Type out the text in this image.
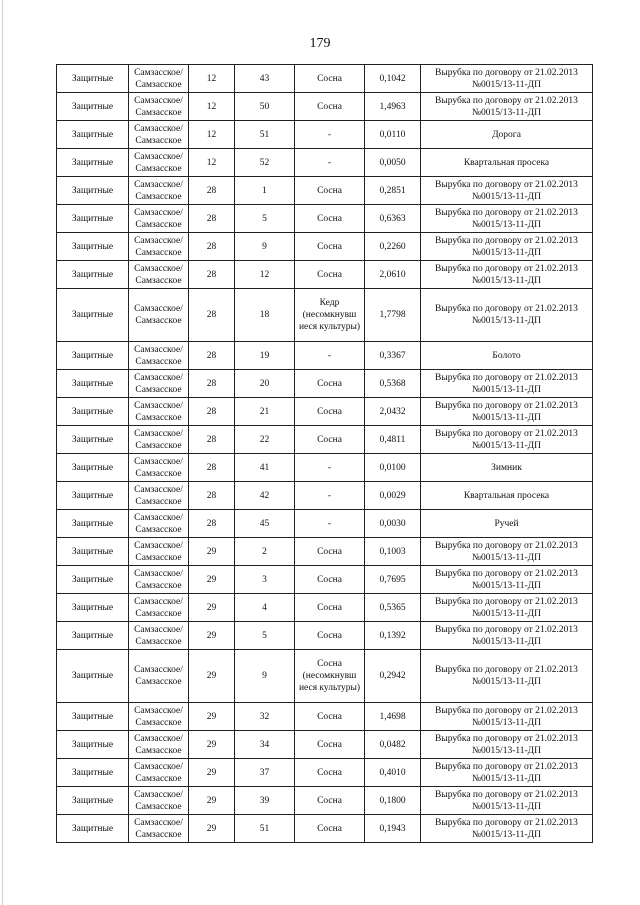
179
Защитные	Самзасское/ Самзасское	12	43	Сосна	0,1042	Вырубка по договору от 21.02.2013 №0015/13-11-ДП
Защитные	Самзасское/ Самзасское	12	50	Сосна	1,4963	Вырубка по договору от 21.02.2013 №0015/13-11-ДП
Защитные	Самзасское/ Самзасское	12	51	-	0,0110	Дорога
Защитные	Самзасское/ Самзасское	12	52	-	0,0050	Квартальная просека
Защитные	Самзасское/ Самзасское	28	1	Сосна	0,2851	Вырубка по договору от 21.02.2013 №0015/13-11-ДП
Защитные	Самзасское/ Самзасское	28	5	Сосна	0,6363	Вырубка по договору от 21.02.2013 №0015/13-11-ДП
Защитные	Самзасское/ Самзасское	28	9	Сосна	0,2260	Вырубка по договору от 21.02.2013 №0015/13-11-ДП
Защитные	Самзасское/ Самзасское	28	12	Сосна	2,0610	Вырубка по договору от 21.02.2013 №0015/13-11-ДП
Защитные	Самзасское/ Самзасское	28	18	Кедр (несомкнувш иеся культуры)	1,7798	Вырубка по договору от 21.02.2013 №0015/13-11-ДП
Защитные	Самзасское/ Самзасское	28	19	-	0,3367	Болото
Защитные	Самзасское/ Самзасское	28	20	Сосна	0,5368	Вырубка по договору от 21.02.2013 №0015/13-11-ДП
Защитные	Самзасское/ Самзасское	28	21	Сосна	2,0432	Вырубка по договору от 21.02.2013 №0015/13-11-ДП
Защитные	Самзасское/ Самзасское	28	22	Сосна	0,4811	Вырубка по договору от 21.02.2013 №0015/13-11-ДП
Защитные	Самзасское/ Самзасское	28	41	-	0,0100	Зимник
Защитные	Самзасское/ Самзасское	28	42	-	0,0029	Квартальная просека
Защитные	Самзасское/ Самзасское	28	45	-	0,0030	Ручей
Защитные	Самзасское/ Самзасское	29	2	Сосна	0,1003	Вырубка по договору от 21.02.2013 №0015/13-11-ДП
Защитные	Самзасское/ Самзасское	29	3	Сосна	0,7695	Вырубка по договору от 21.02.2013 №0015/13-11-ДП
Защитные	Самзасское/ Самзасское	29	4	Сосна	0,5365	Вырубка по договору от 21.02.2013 №0015/13-11-ДП
Защитные	Самзасское/ Самзасское	29	5	Сосна	0,1392	Вырубка по договору от 21.02.2013 №0015/13-11-ДП
Защитные	Самзасское/ Самзасское	29	9	Сосна (несомкнувш иеся культуры)	0,2942	Вырубка по договору от 21.02.2013 №0015/13-11-ДП
Защитные	Самзасское/ Самзасское	29	32	Сосна	1,4698	Вырубка по договору от 21.02.2013 №0015/13-11-ДП
Защитные	Самзасское/ Самзасское	29	34	Сосна	0,0482	Вырубка по договору от 21.02.2013 №0015/13-11-ДП
Защитные	Самзасское/ Самзасское	29	37	Сосна	0,4010	Вырубка по договору от 21.02.2013 №0015/13-11-ДП
Защитные	Самзасское/ Самзасское	29	39	Сосна	0,1800	Вырубка по договору от 21.02.2013 №0015/13-11-ДП
Защитные	Самзасское/ Самзасское	29	51	Сосна	0,1943	Вырубка по договору от 21.02.2013 №0015/13-11-ДП
